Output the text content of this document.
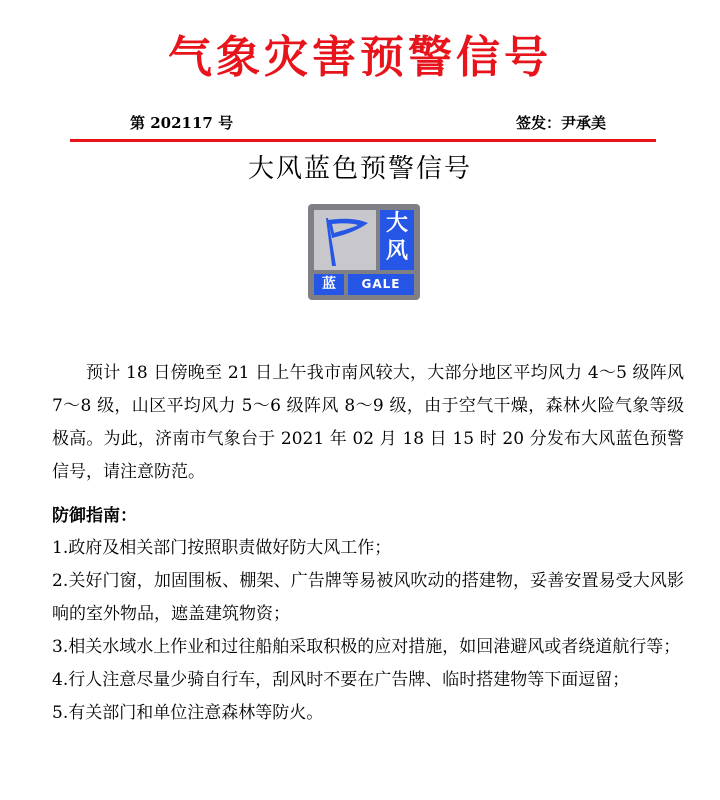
气象灾害预警信号
第 202117 号	签发：尹承美
大风蓝色预警信号
大
风
蓝	GALE
预计 18 日傍晚至 21 日上午我市南风较大，大部分地区平均风力 4～5 级阵风 7～8 级，山区平均风力 5～6 级阵风 8～9 级，由于空气干燥，森林火险气象等级极高。为此，济南市气象台于 2021 年 02 月 18 日 15 时 20 分发布大风蓝色预警信号，请注意防范。
防御指南：
1.政府及相关部门按照职责做好防大风工作；
2.关好门窗，加固围板、棚架、广告牌等易被风吹动的搭建物，妥善安置易受大风影响的室外物品，遮盖建筑物资；
3.相关水域水上作业和过往船舶采取积极的应对措施，如回港避风或者绕道航行等；
4.行人注意尽量少骑自行车，刮风时不要在广告牌、临时搭建物等下面逗留；
5.有关部门和单位注意森林等防火。
